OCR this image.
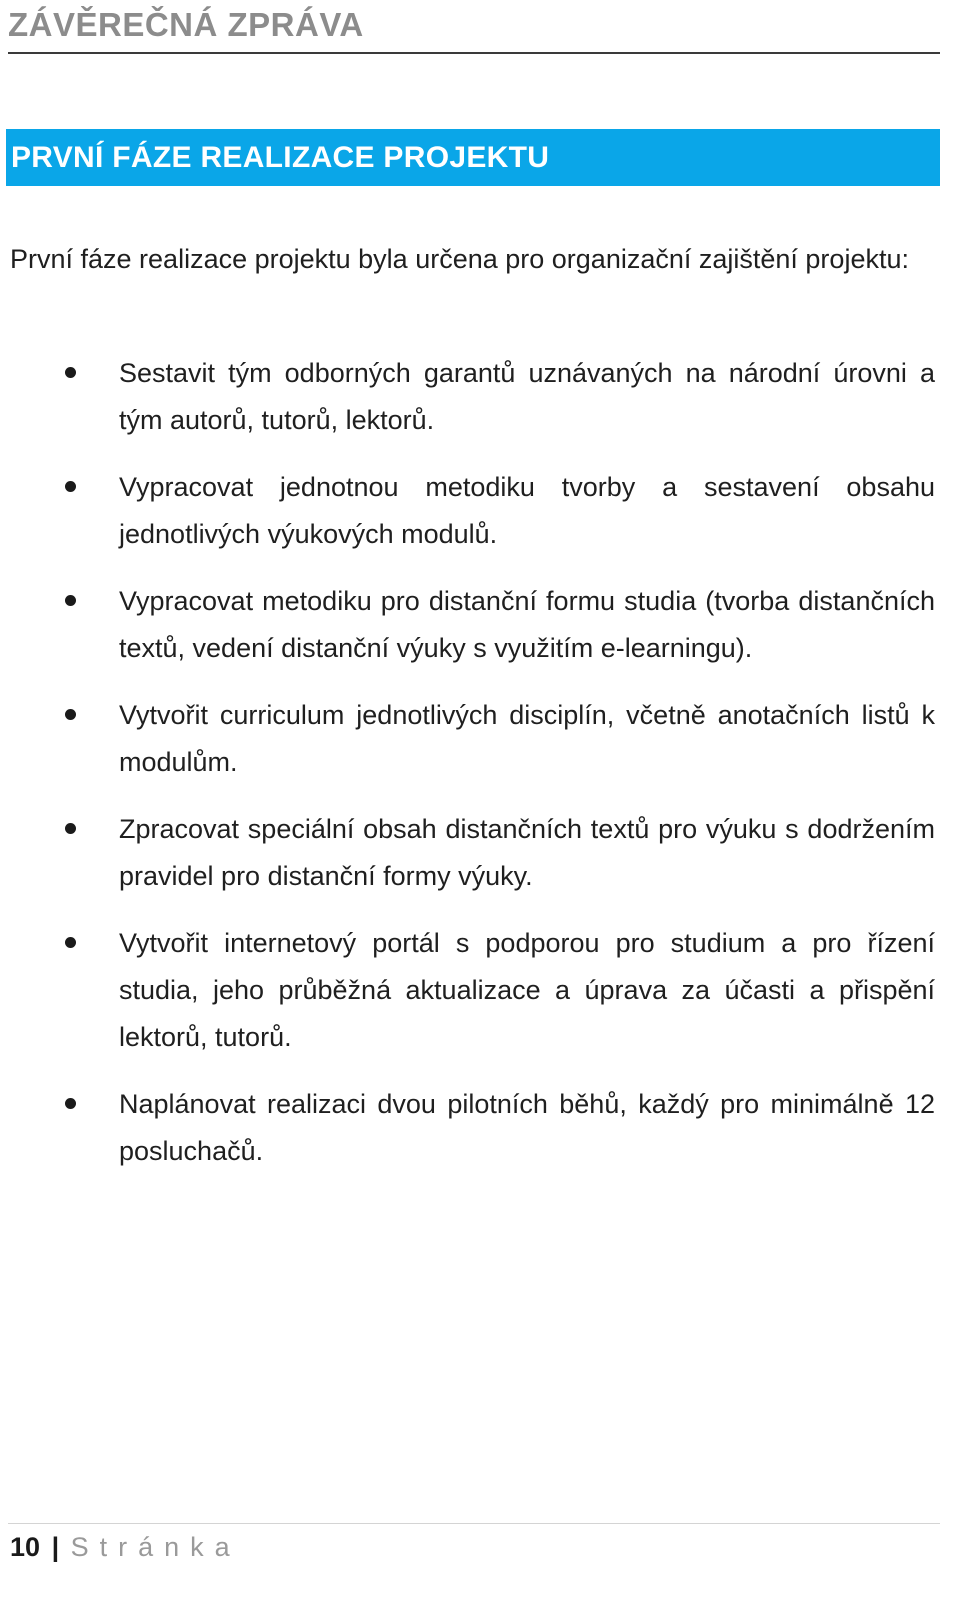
ZÁVĚREČNÁ ZPRÁVA
PRVNÍ FÁZE REALIZACE PROJEKTU

První fáze realizace projektu byla určena pro organizační zajištění projektu:

Sestavit tým odborných garantů uznávaných na národní úrovni a tým autorů, tutorů, lektorů.
Vypracovat jednotnou metodiku tvorby a sestavení obsahu jednotlivých výukových modulů.
Vypracovat metodiku pro distanční formu studia (tvorba distančních textů, vedení distanční výuky s využitím e-learningu).
Vytvořit curriculum jednotlivých disciplín, včetně anotačních listů k modulům.
Zpracovat speciální obsah distančních textů pro výuku s dodržením pravidel pro distanční formy výuky.
Vytvořit internetový portál s podporou pro studium a pro řízení studia, jeho průběžná aktualizace a úprava za účasti a přispění lektorů, tutorů.
Naplánovat realizaci dvou pilotních běhů, každý pro minimálně 12 posluchačů.
10 | Stránka
